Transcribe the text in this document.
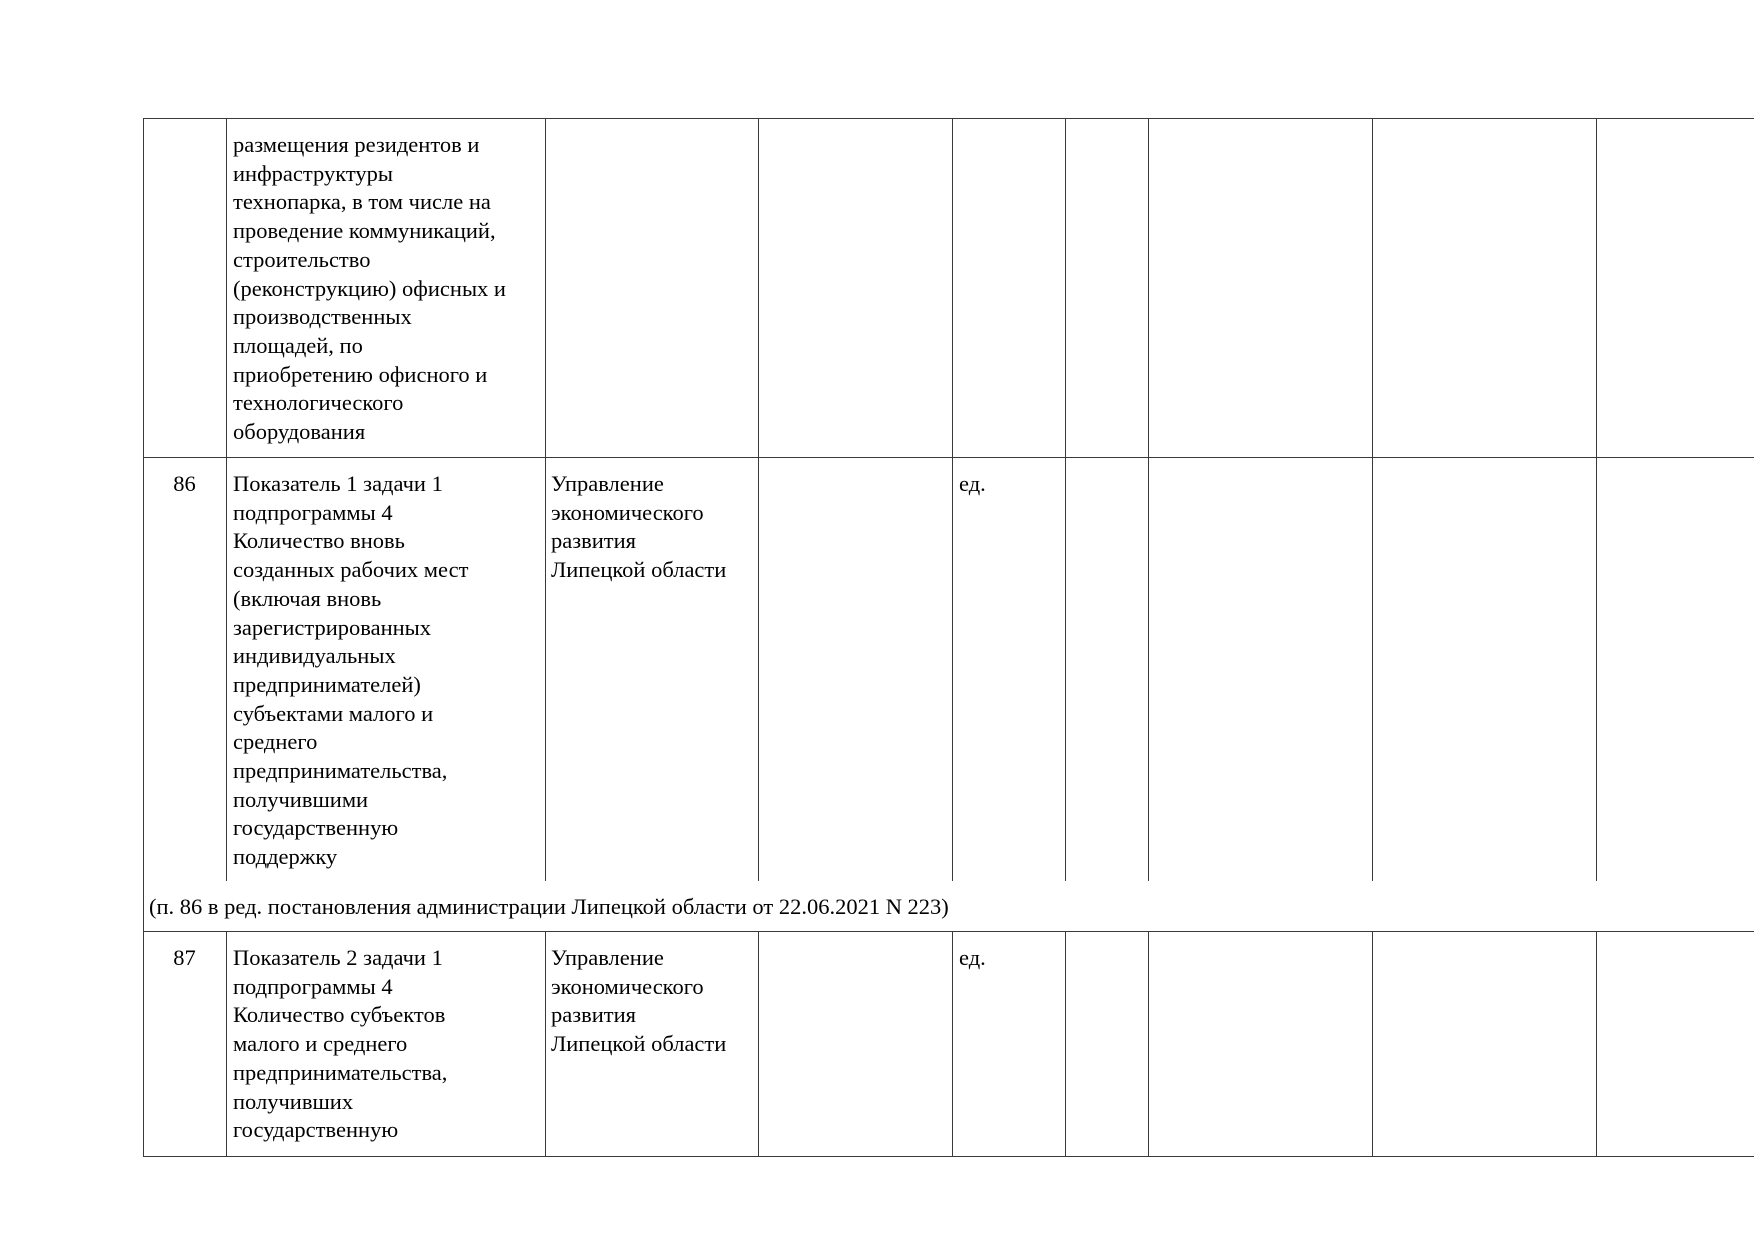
размещения резидентов и
инфраструктуры
технопарка, в том числе на
проведение коммуникаций,
строительство
(реконструкцию) офисных и
производственных
площадей, по
приобретению офисного и
технологического
оборудования
86	Показатель 1 задачи 1
подпрограммы 4
Количество вновь
созданных рабочих мест
(включая вновь
зарегистрированных
индивидуальных
предпринимателей)
субъектами малого и
среднего
предпринимательства,
получившими
государственную
поддержку
Управление
экономического
развития
Липецкой области
ед.
(п. 86 в ред. постановления администрации Липецкой области от 22.06.2021 N 223)
87	Показатель 2 задачи 1
подпрограммы 4
Количество субъектов
малого и среднего
предпринимательства,
получивших
государственную
Управление
экономического
развития
Липецкой области
ед.
